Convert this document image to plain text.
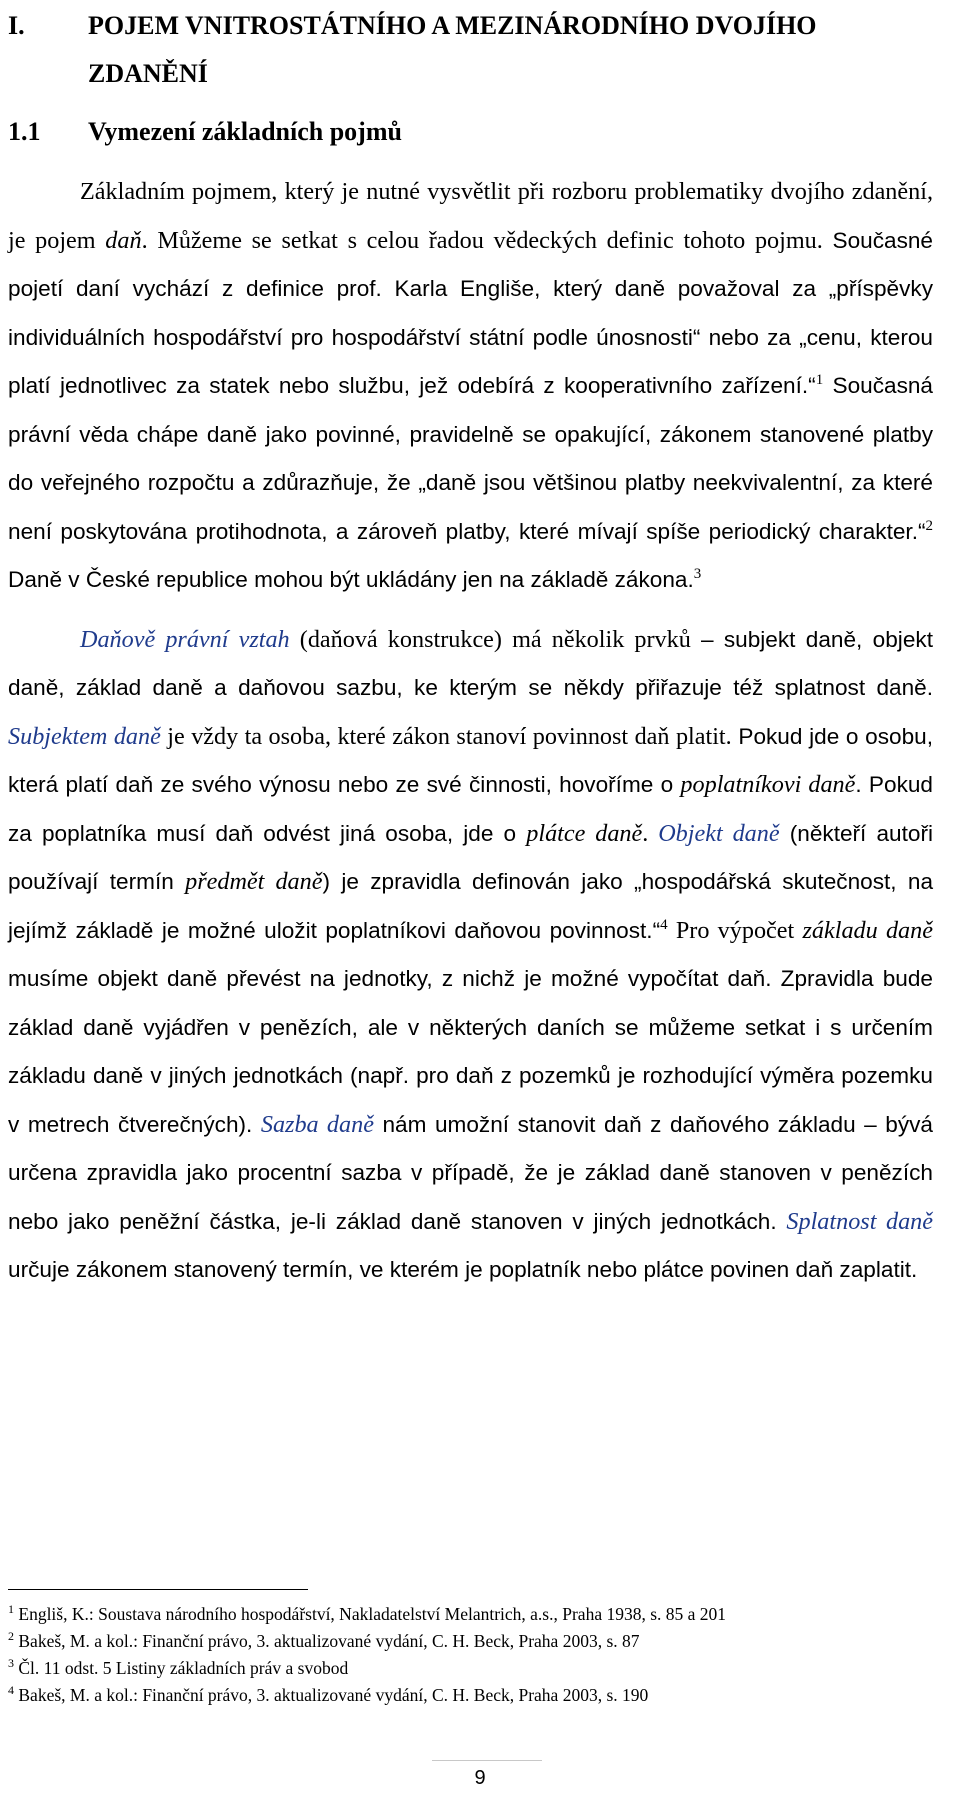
I.	POJEM VNITROSTÁTNÍHO A MEZINÁRODNÍHO DVOJÍHO ZDANĚNÍ
1.1	Vymezení základních pojmů

Základním pojmem, který je nutné vysvětlit při rozboru problematiky dvojího zdanění, je pojem daň. Můžeme se setkat s celou řadou vědeckých definic tohoto pojmu. Současné pojetí daní vychází z definice prof. Karla Engliše, který daně považoval za „příspěvky individuálních hospodářství pro hospodářství státní podle únosnosti“ nebo za „cenu, kterou platí jednotlivec za statek nebo službu, jež odebírá z kooperativního zařízení.“$^1$ Současná právní věda chápe daně jako povinné, pravidelně se opakující, zákonem stanovené platby do veřejného rozpočtu a zdůrazňuje, že „daně jsou většinou platby neekvivalentní, za které není poskytována protihodnota, a zároveň platby, které mívají spíše periodický charakter.“$^2$ Daně v České republice mohou být ukládány jen na základě zákona.$^3$

Daňově právní vztah (daňová konstrukce) má několik prvků – subjekt daně, objekt daně, základ daně a daňovou sazbu, ke kterým se někdy přiřazuje též splatnost daně. Subjektem daně je vždy ta osoba, které zákon stanoví povinnost daň platit. Pokud jde o osobu, která platí daň ze svého výnosu nebo ze své činnosti, hovoříme o poplatníkovi daně. Pokud za poplatníka musí daň odvést jiná osoba, jde o plátce daně. Objekt daně (někteří autoři používají termín předmět daně) je zpravidla definován jako „hospodářská skutečnost, na jejímž základě je možné uložit poplatníkovi daňovou povinnost.“$^4$ Pro výpočet základu daně musíme objekt daně převést na jednotky, z nichž je možné vypočítat daň. Zpravidla bude základ daně vyjádřen v penězích, ale v některých daních se můžeme setkat i s určením základu daně v jiných jednotkách (např. pro daň z pozemků je rozhodující výměra pozemku v metrech čtverečných). Sazba daně nám umožní stanovit daň z daňového základu – bývá určena zpravidla jako procentní sazba v případě, že je základ daně stanoven v penězích nebo jako peněžní částka, je-li základ daně stanoven v jiných jednotkách. Splatnost daně určuje zákonem stanovený termín, ve kterém je poplatník nebo plátce povinen daň zaplatit.

$^1$ Engliš, K.: Soustava národního hospodářství, Nakladatelství Melantrich, a.s., Praha 1938, s. 85 a 201

$^2$ Bakeš, M. a kol.: Finanční právo, 3. aktualizované vydání, C. H. Beck, Praha 2003, s. 87

$^3$ Čl. 11 odst. 5 Listiny základních práv a svobod

$^4$ Bakeš, M. a kol.: Finanční právo, 3. aktualizované vydání, C. H. Beck, Praha 2003, s. 190

9
